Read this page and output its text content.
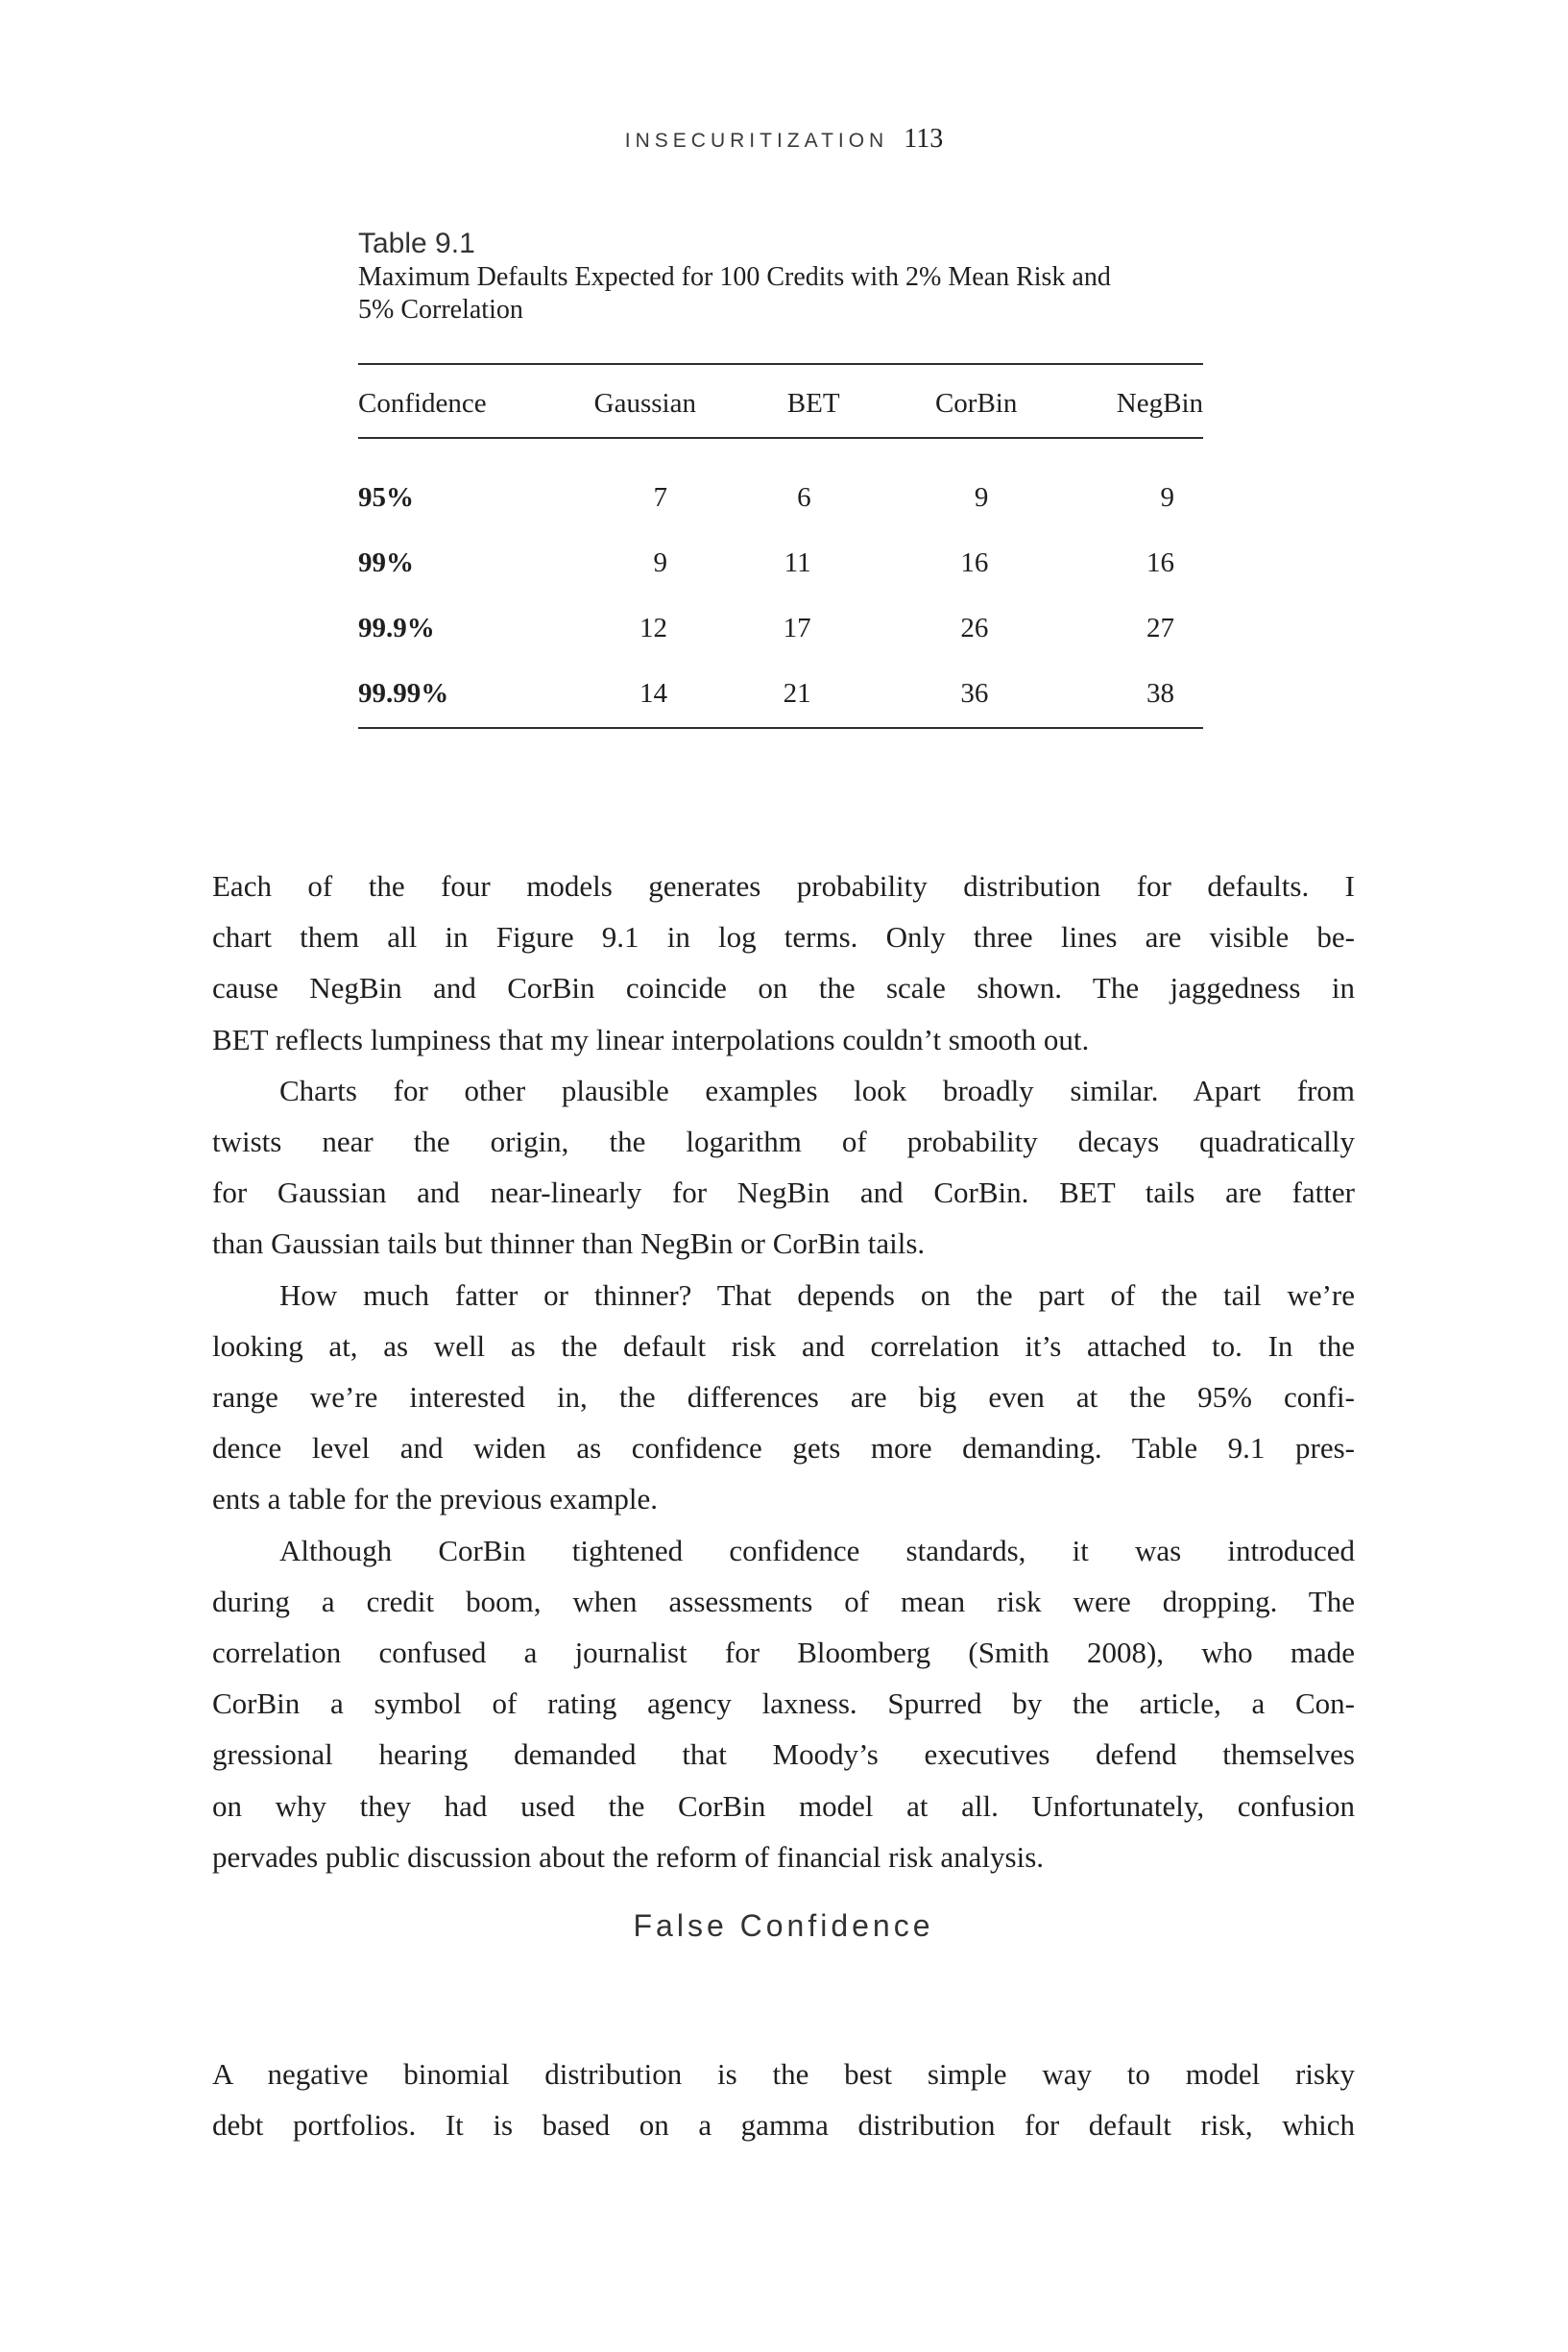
INSECURITIZATION 113

Table 9.1

Maximum Defaults Expected for 100 Credits with 2% Mean Risk and
5% Correlation
Confidence	Gaussian	BET	CorBin	NegBin
95%	7	6	9	9
99%	9	11	16	16
99.9%	12	17	26	27
99.99%	14	21	36	38

Each of the four models generates probability distribution for defaults. I
chart them all in Figure 9.1 in log terms. Only three lines are visible be-
cause NegBin and CorBin coincide on the scale shown. The jaggedness in
BET reflects lumpiness that my linear interpolations couldn’t smooth out.

Charts for other plausible examples look broadly similar. Apart from
twists near the origin, the logarithm of probability decays quadratically
for Gaussian and near-linearly for NegBin and CorBin. BET tails are fatter
than Gaussian tails but thinner than NegBin or CorBin tails.

How much fatter or thinner? That depends on the part of the tail we’re
looking at, as well as the default risk and correlation it’s attached to. In the
range we’re interested in, the differences are big even at the 95% confi-
dence level and widen as confidence gets more demanding. Table 9.1 pres-
ents a table for the previous example.

Although CorBin tightened confidence standards, it was introduced
during a credit boom, when assessments of mean risk were dropping. The
correlation confused a journalist for Bloomberg (Smith 2008), who made
CorBin a symbol of rating agency laxness. Spurred by the article, a Con-
gressional hearing demanded that Moody’s executives defend themselves
on why they had used the CorBin model at all. Unfortunately, confusion
pervades public discussion about the reform of financial risk analysis.

False Confidence

A negative binomial distribution is the best simple way to model risky
debt portfolios. It is based on a gamma distribution for default risk, which
